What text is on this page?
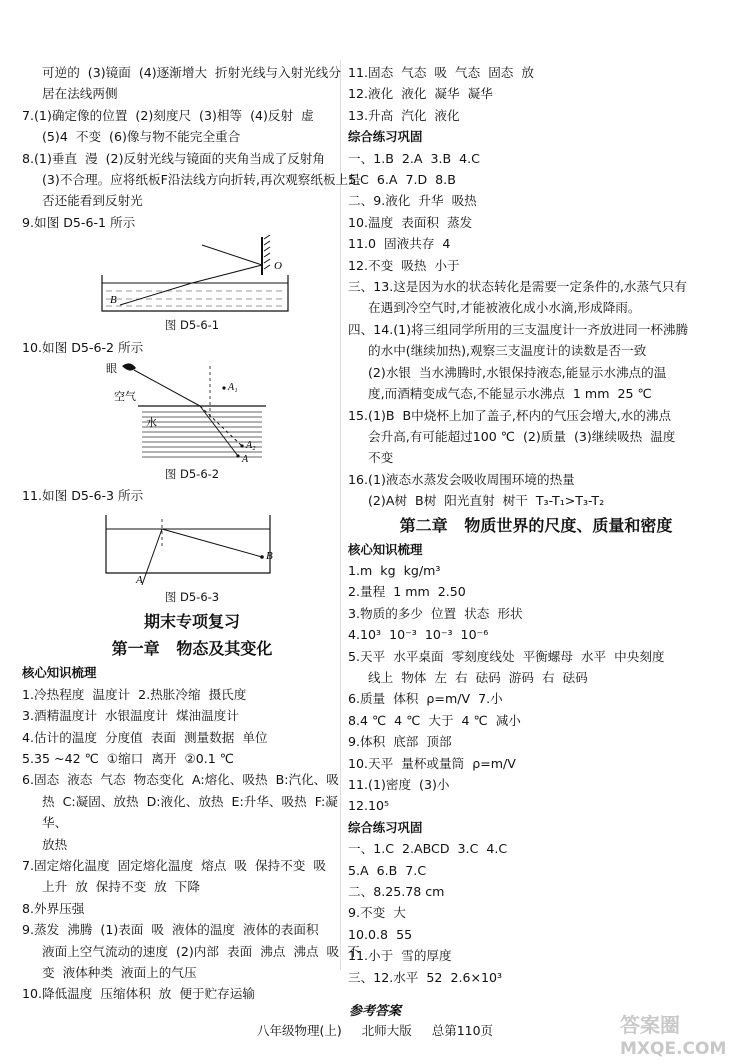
可逆的  (3)镜面  (4)逐渐增大  折射光线与入射光线分

居在法线两侧

7.(1)确定像的位置  (2)刻度尺  (3)相等  (4)反射  虚

(5)4  不变  (6)像与物不能完全重合

8.(1)垂直  漫  (2)反射光线与镜面的夹角当成了反射角

(3)不合理。应将纸板F沿法线方向折转,再次观察纸板上是

否还能看到反射光

9.如图 D5-6-1 所示

O
B

图 D5-6-1

10.如图 D5-6-2 所示

眼
空气
水
A₁
A₂
A

图 D5-6-2

11.如图 D5-6-3 所示

B
A

图 D5-6-3

期末专项复习

第一章   物态及其变化

核心知识梳理

1.冷热程度  温度计  2.热胀冷缩  摄氏度

3.酒精温度计  水银温度计  煤油温度计

4.估计的温度  分度值  表面  测量数据  单位

5.35 ~42 ℃  ①缩口  离开  ②0.1 ℃

6.固态  液态  气态  物态变化  A:熔化、吸热  B:汽化、吸

热  C:凝固、放热  D:液化、放热  E:升华、吸热  F:凝华、

放热

7.固定熔化温度  固定熔化温度  熔点  吸  保持不变  吸

上升  放  保持不变  放  下降

8.外界压强

9.蒸发  沸腾  (1)表面  吸  液体的温度  液体的表面积

液面上空气流动的速度  (2)内部  表面  沸点  沸点  吸  不

变  液体种类  液面上的气压

10.降低温度  压缩体积  放  便于贮存运输

11.固态  气态  吸  气态  固态  放

12.液化  液化  凝华  凝华

13.升高  汽化  液化

综合练习巩固

一、1.B  2.A  3.B  4.C

5.C  6.A  7.D  8.B

二、9.液化  升华  吸热

10.温度  表面积  蒸发

11.0  固液共存  4

12.不变  吸热  小于

三、13.这是因为水的状态转化是需要一定条件的,水蒸气只有

在遇到冷空气时,才能被液化成小水滴,形成降雨。

四、14.(1)将三组同学所用的三支温度计一齐放进同一杯沸腾

的水中(继续加热),观察三支温度计的读数是否一致

(2)水银  当水沸腾时,水银保持液态,能显示水沸点的温

度,而酒精变成气态,不能显示水沸点  1 mm  25 ℃

15.(1)B  B中烧杯上加了盖子,杯内的气压会增大,水的沸点

会升高,有可能超过100 ℃  (2)质量  (3)继续吸热  温度

不变

16.(1)液态水蒸发会吸收周围环境的热量

(2)A树  B树  阳光直射  树干  T₃-T₁>T₃-T₂

第二章   物质世界的尺度、质量和密度

核心知识梳理

1.m  kg  kg/m³

2.量程  1 mm  2.50

3.物质的多少  位置  状态  形状

4.10³  10⁻³  10⁻³  10⁻⁶

5.天平  水平桌面  零刻度线处  平衡螺母  水平  中央刻度

线上  物体  左  右  砝码  游码  右  砝码

6.质量  体积  ρ=m/V  7.小

8.4 ℃  4 ℃  大于  4 ℃  减小

9.体积  底部  顶部

10.天平  量杯或量筒  ρ=m/V

11.(1)密度  (3)小

12.10⁵

综合练习巩固

一、1.C  2.ABCD  3.C  4.C

5.A  6.B  7.C

二、8.25.78 cm

9.不变  大

10.0.8  55

11.小于  雪的厚度

三、12.水平  52  2.6×10³

参考答案
八年级物理(上) 北师大版 总第110页	答案圈
MXQE.COM
